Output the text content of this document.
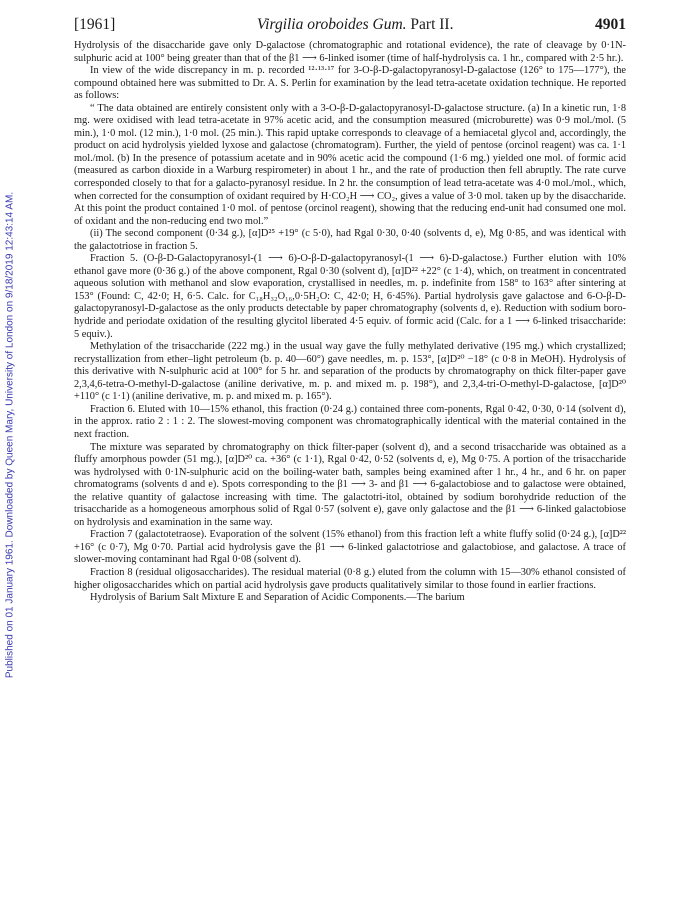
Published on 01 January 1961. Downloaded by Queen Mary, University of London on 9/18/2019 12:43:14 AM.
[1961]	Virgilia oroboides Gum. Part II.	4901

Hydrolysis of the disaccharide gave only D-galactose (chromatographic and rotational evidence), the rate of cleavage by 0·1N-sulphuric acid at 100° being greater than that of the β1 ⟶ 6-linked isomer (time of half-hydrolysis ca. 1 hr., compared with 2·5 hr.).

In view of the wide discrepancy in m. p. recorded ¹²·¹³·¹⁷ for 3-O-β-D-galactopyranosyl-D-galactose (126° to 175—177°), the compound obtained here was submitted to Dr. A. S. Perlin for examination by the lead tetra-acetate oxidation technique. He reported as follows:

“ The data obtained are entirely consistent only with a 3-O-β-D-galactopyranosyl-D-galactose structure. (a) In a kinetic run, 1·8 mg. were oxidised with lead tetra-acetate in 97% acetic acid, and the consumption measured (microburette) was 0·9 mol./mol. (5 min.), 1·0 mol. (12 min.), 1·0 mol. (25 min.). This rapid uptake corresponds to cleavage of a hemiacetal glycol and, accordingly, the product on acid hydrolysis yielded lyxose and galactose (chromatogram). Further, the yield of pentose (orcinol reagent) was ca. 1·1 mol./mol. (b) In the presence of potassium acetate and in 90% acetic acid the compound (1·6 mg.) yielded one mol. of formic acid (measured as carbon dioxide in a Warburg respirometer) in about 1 hr., and the rate of production then fell abruptly. The rate curve corresponded closely to that for a galacto-pyranosyl residue. In 2 hr. the consumption of lead tetra-acetate was 4·0 mol./mol., which, when corrected for the consumption of oxidant required by H·CO₂H ⟶ CO₂, gives a value of 3·0 mol. taken up by the disaccharide. At this point the product contained 1·0 mol. of pentose (orcinol reagent), showing that the reducing end-unit had consumed one mol. of oxidant and the non-reducing end two mol.”

(ii) The second component (0·34 g.), [α]D²⁵ +19° (c 5·0), had Rgal 0·30, 0·40 (solvents d, e), Mg 0·85, and was identical with the galactotriose in fraction 5.

Fraction 5. (O-β-D-Galactopyranosyl-(1 ⟶ 6)-O-β-D-galactopyranosyl-(1 ⟶ 6)-D-galactose.) Further elution with 10% ethanol gave more (0·36 g.) of the above component, Rgal 0·30 (solvent d), [α]D²² +22° (c 1·4), which, on treatment in concentrated aqueous solution with methanol and slow evaporation, crystallised in needles, m. p. indefinite from 158° to 163° after sintering at 153° (Found: C, 42·0; H, 6·5. Calc. for C₁₈H₃₂O₁₆,0·5H₂O: C, 42·0; H, 6·45%). Partial hydrolysis gave galactose and 6-O-β-D-galactopyranosyl-D-galactose as the only products detectable by paper chromatography (solvents d, e). Reduction with sodium boro-hydride and periodate oxidation of the resulting glycitol liberated 4·5 equiv. of formic acid (Calc. for a 1 ⟶ 6-linked trisaccharide: 5 equiv.).

Methylation of the trisaccharide (222 mg.) in the usual way gave the fully methylated derivative (195 mg.) which crystallized; recrystallization from ether–light petroleum (b. p. 40—60°) gave needles, m. p. 153°, [α]D²⁰ −18° (c 0·8 in MeOH). Hydrolysis of this derivative with N-sulphuric acid at 100° for 5 hr. and separation of the products by chromatography on thick filter-paper gave 2,3,4,6-tetra-O-methyl-D-galactose (aniline derivative, m. p. and mixed m. p. 198°), and 2,3,4-tri-O-methyl-D-galactose, [α]D²⁰ +110° (c 1·1) (aniline derivative, m. p. and mixed m. p. 165°).

Fraction 6. Eluted with 10—15% ethanol, this fraction (0·24 g.) contained three com-ponents, Rgal 0·42, 0·30, 0·14 (solvent d), in the approx. ratio 2 : 1 : 2. The slowest-moving component was chromatographically identical with the material contained in the next fraction.

The mixture was separated by chromatography on thick filter-paper (solvent d), and a second trisaccharide was obtained as a fluffy amorphous powder (51 mg.), [α]D²⁰ ca. +36° (c 1·1), Rgal 0·42, 0·52 (solvents d, e), Mg 0·75. A portion of the trisaccharide was hydrolysed with 0·1N-sulphuric acid on the boiling-water bath, samples being examined after 1 hr., 4 hr., and 6 hr. on paper chromatograms (solvents d and e). Spots corresponding to the β1 ⟶ 3- and β1 ⟶ 6-galactobiose and to galactose were obtained, the relative quantity of galactose increasing with time. The galactotri-itol, obtained by sodium borohydride reduction of the trisaccharide as a homogeneous amorphous solid of Rgal 0·57 (solvent e), gave only galactose and the β1 ⟶ 6-linked galactobiose on hydrolysis and examination in the same way.

Fraction 7 (galactotetraose). Evaporation of the solvent (15% ethanol) from this fraction left a white fluffy solid (0·24 g.), [α]D²² +16° (c 0·7), Mg 0·70. Partial acid hydrolysis gave the β1 ⟶ 6-linked galactotriose and galactobiose, and galactose. A trace of slower-moving contaminant had Rgal 0·08 (solvent d).

Fraction 8 (residual oligosaccharides). The residual material (0·8 g.) eluted from the column with 15—30% ethanol consisted of higher oligosaccharides which on partial acid hydrolysis gave products qualitatively similar to those found in earlier fractions.

Hydrolysis of Barium Salt Mixture E and Separation of Acidic Components.—The barium
